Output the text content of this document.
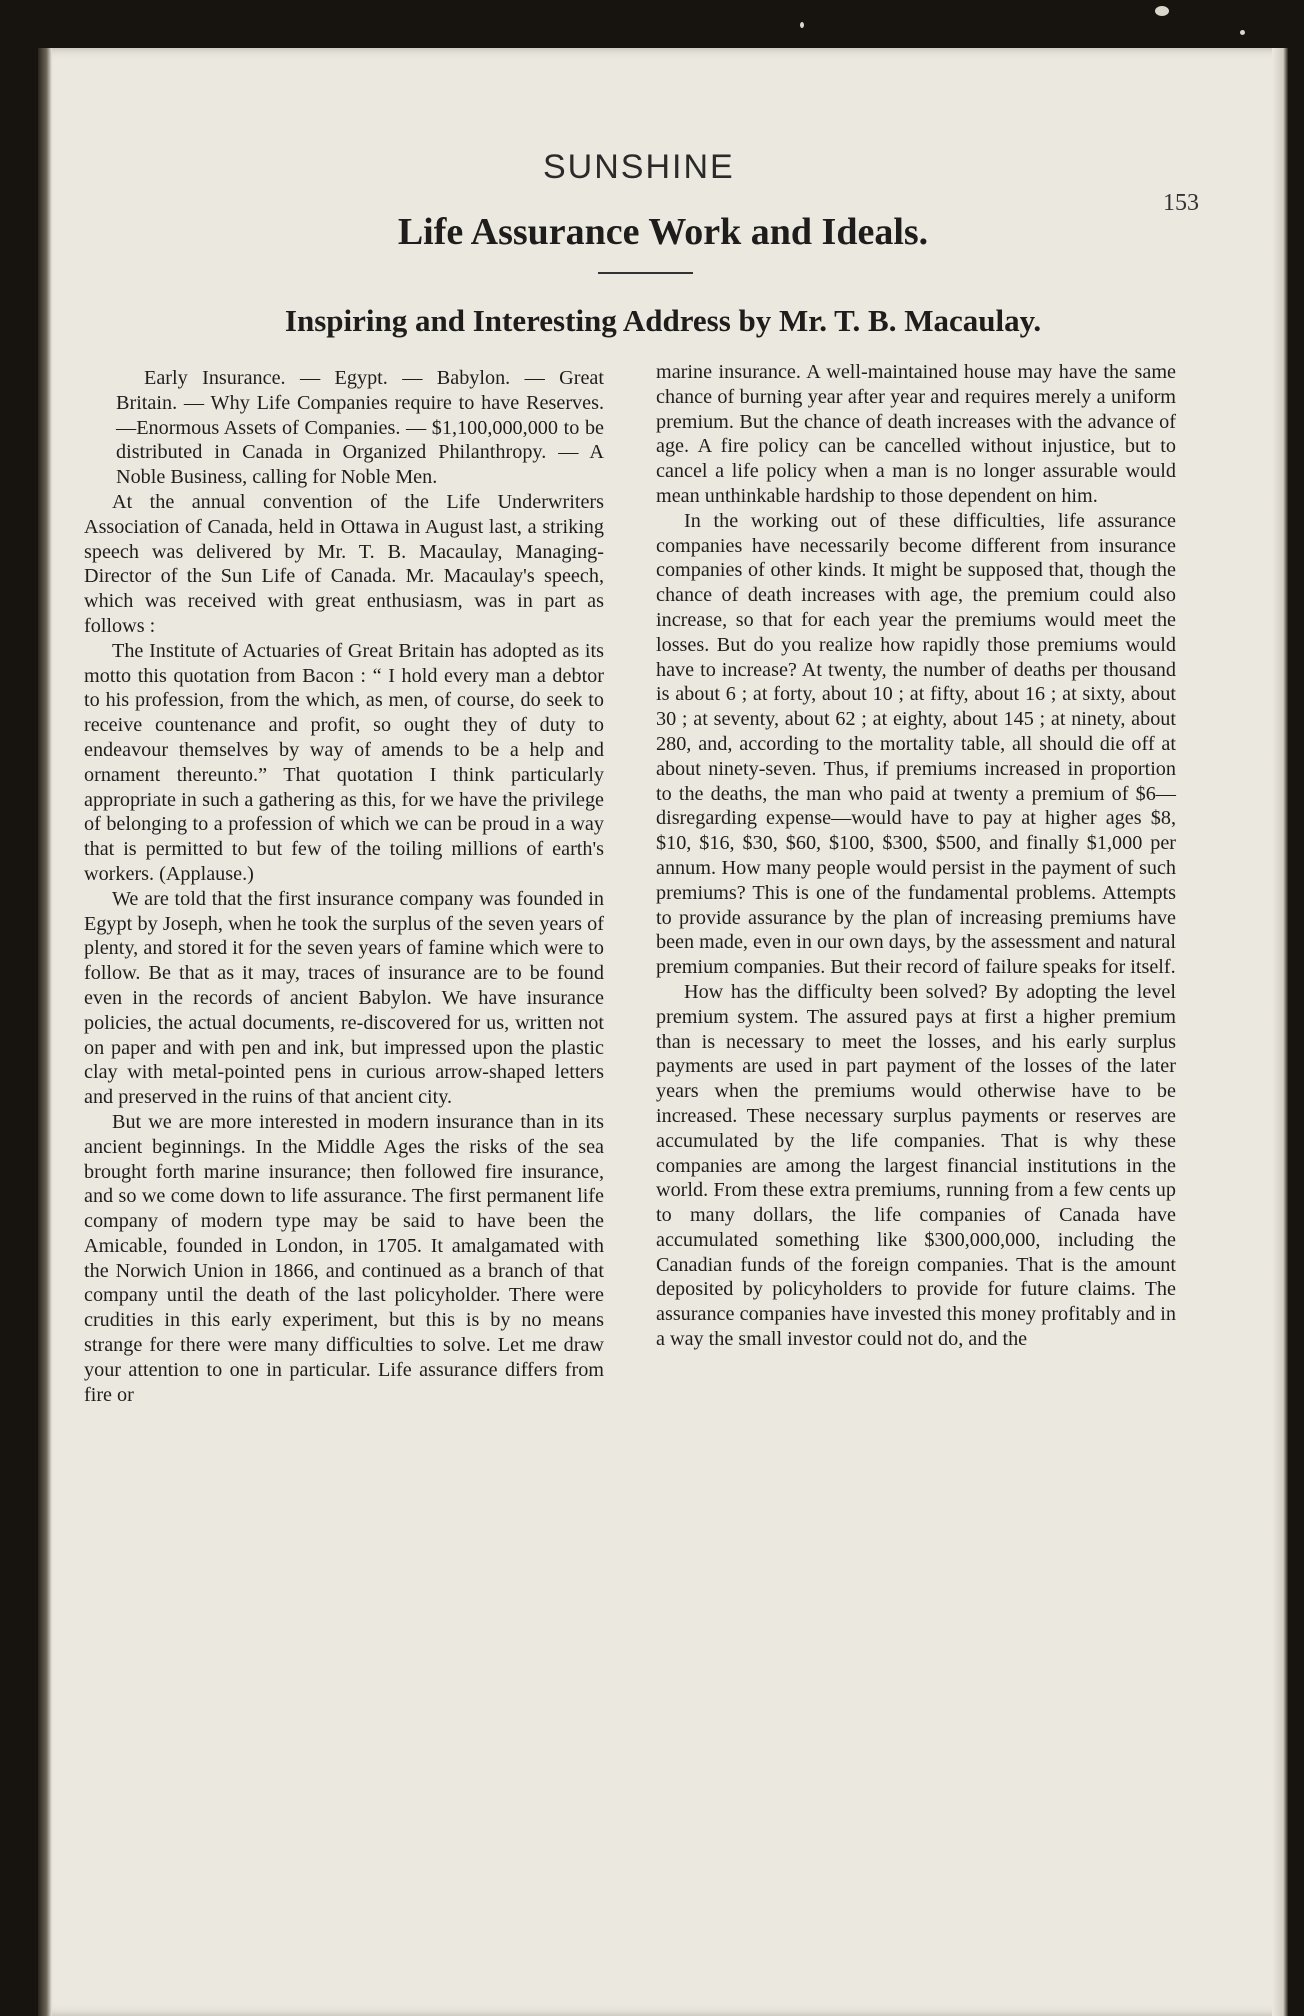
SUNSHINE
153
Life Assurance Work and Ideals.
Inspiring and Interesting Address by Mr. T. B. Macaulay.

Early Insurance. — Egypt. — Babylon. — Great Britain. — Why Life Companies require to have Reserves.—Enormous Assets of Companies. — $1,100,000,000 to be distributed in Canada in Organized Philanthropy. — A Noble Business, calling for Noble Men.

At the annual convention of the Life Underwriters Association of Canada, held in Ottawa in August last, a striking speech was delivered by Mr. T. B. Macaulay, Managing-Director of the Sun Life of Canada. Mr. Macaulay's speech, which was received with great enthusiasm, was in part as follows :

The Institute of Actuaries of Great Britain has adopted as its motto this quotation from Bacon : “ I hold every man a debtor to his profession, from the which, as men, of course, do seek to receive countenance and profit, so ought they of duty to endeavour themselves by way of amends to be a help and ornament thereunto.” That quotation I think particularly appropriate in such a gathering as this, for we have the privilege of belonging to a profession of which we can be proud in a way that is permitted to but few of the toiling millions of earth's workers. (Applause.)

We are told that the first insurance company was founded in Egypt by Joseph, when he took the surplus of the seven years of plenty, and stored it for the seven years of famine which were to follow. Be that as it may, traces of insurance are to be found even in the records of ancient Babylon. We have insurance policies, the actual documents, re-discovered for us, written not on paper and with pen and ink, but impressed upon the plastic clay with metal-pointed pens in curious arrow-shaped letters and preserved in the ruins of that ancient city.

But we are more interested in modern insurance than in its ancient beginnings. In the Middle Ages the risks of the sea brought forth marine insurance; then followed fire insurance, and so we come down to life assurance. The first permanent life company of modern type may be said to have been the Amicable, founded in London, in 1705. It amalgamated with the Norwich Union in 1866, and continued as a branch of that company until the death of the last policyholder. There were crudities in this early experiment, but this is by no means strange for there were many difficulties to solve. Let me draw your attention to one in particular. Life assurance differs from fire or

marine insurance. A well-maintained house may have the same chance of burning year after year and requires merely a uniform premium. But the chance of death increases with the advance of age. A fire policy can be cancelled without injustice, but to cancel a life policy when a man is no longer assurable would mean unthinkable hardship to those dependent on him.

In the working out of these difficulties, life assurance companies have necessarily become different from insurance companies of other kinds. It might be supposed that, though the chance of death increases with age, the premium could also increase, so that for each year the premiums would meet the losses. But do you realize how rapidly those premiums would have to increase? At twenty, the number of deaths per thousand is about 6 ; at forty, about 10 ; at fifty, about 16 ; at sixty, about 30 ; at seventy, about 62 ; at eighty, about 145 ; at ninety, about 280, and, according to the mortality table, all should die off at about ninety-seven. Thus, if premiums increased in proportion to the deaths, the man who paid at twenty a premium of $6—disregarding expense—would have to pay at higher ages $8, $10, $16, $30, $60, $100, $300, $500, and finally $1,000 per annum. How many people would persist in the payment of such premiums? This is one of the fundamental problems. Attempts to provide assurance by the plan of increasing premiums have been made, even in our own days, by the assessment and natural premium companies. But their record of failure speaks for itself.

How has the difficulty been solved? By adopting the level premium system. The assured pays at first a higher premium than is necessary to meet the losses, and his early surplus payments are used in part payment of the losses of the later years when the premiums would otherwise have to be increased. These necessary surplus payments or reserves are accumulated by the life companies. That is why these companies are among the largest financial institutions in the world. From these extra premiums, running from a few cents up to many dollars, the life companies of Canada have accumulated something like $300,000,000, including the Canadian funds of the foreign companies. That is the amount deposited by policyholders to provide for future claims. The assurance companies have invested this money profitably and in a way the small investor could not do, and the
